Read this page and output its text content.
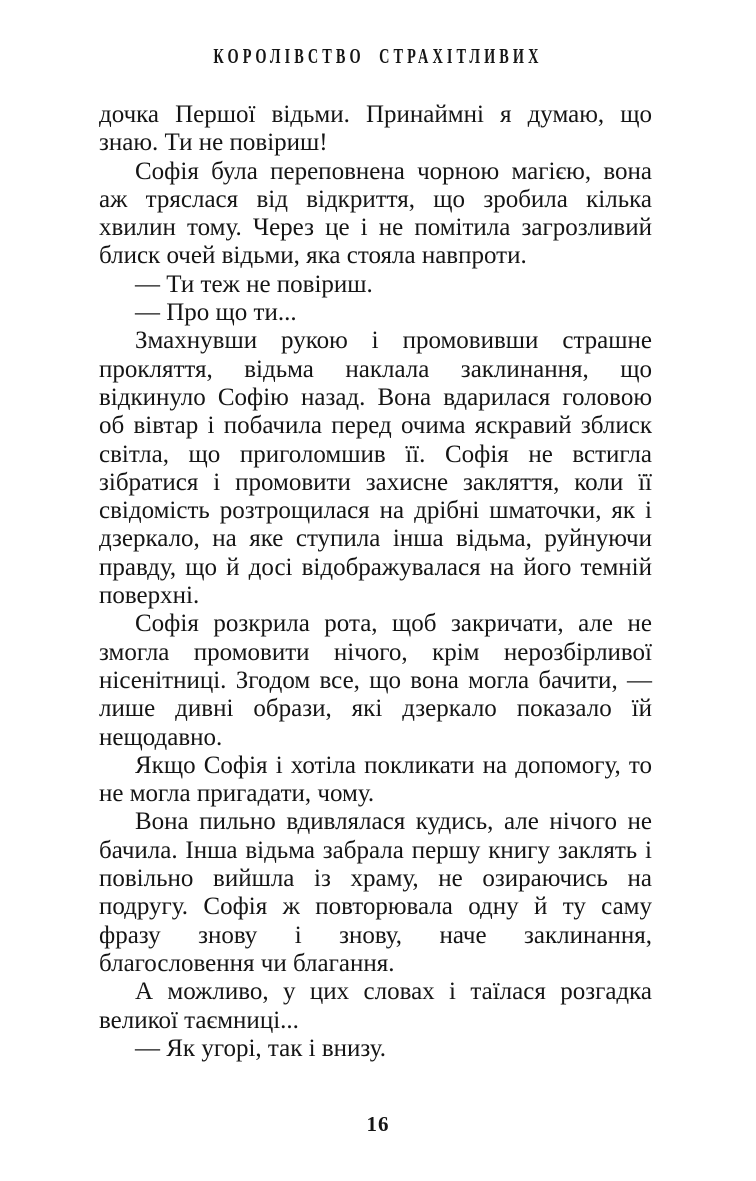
КОРОЛІВСТВО СТРАХІТЛИВИХ

дочка Першої відьми. Принаймні я думаю, що знаю. Ти не повіриш!

Софія була переповнена чорною магією, вона аж тряслася від відкриття, що зробила кілька хвилин тому. Через це і не помітила загрозливий блиск очей відьми, яка стояла навпроти.

— Ти теж не повіриш.

— Про що ти...

Змахнувши рукою і промовивши страшне прокляття, відьма наклала заклинання, що відкинуло Софію назад. Вона вдарилася головою об вівтар і побачила перед очима яскравий зблиск світла, що приголомшив її. Софія не встигла зібратися і промовити захисне закляття, коли її свідомість розтрощилася на дрібні шматочки, як і дзеркало, на яке ступила інша відьма, руйнуючи правду, що й досі відображувалася на його темній поверхні.

Софія розкрила рота, щоб закричати, але не змогла промовити нічого, крім нерозбірливої нісенітниці. Згодом все, що вона могла бачити, — лише дивні образи, які дзеркало показало їй нещодавно.

Якщо Софія і хотіла покликати на допомогу, то не могла пригадати, чому.

Вона пильно вдивлялася кудись, але нічого не бачила. Інша відьма забрала першу книгу заклять і повільно вийшла із храму, не озираючись на подругу. Софія ж повторювала одну й ту саму фразу знову і знову, наче заклинання, благословення чи благання.

А можливо, у цих словах і таїлася розгадка великої таємниці...

— Як угорі, так і внизу.

16
